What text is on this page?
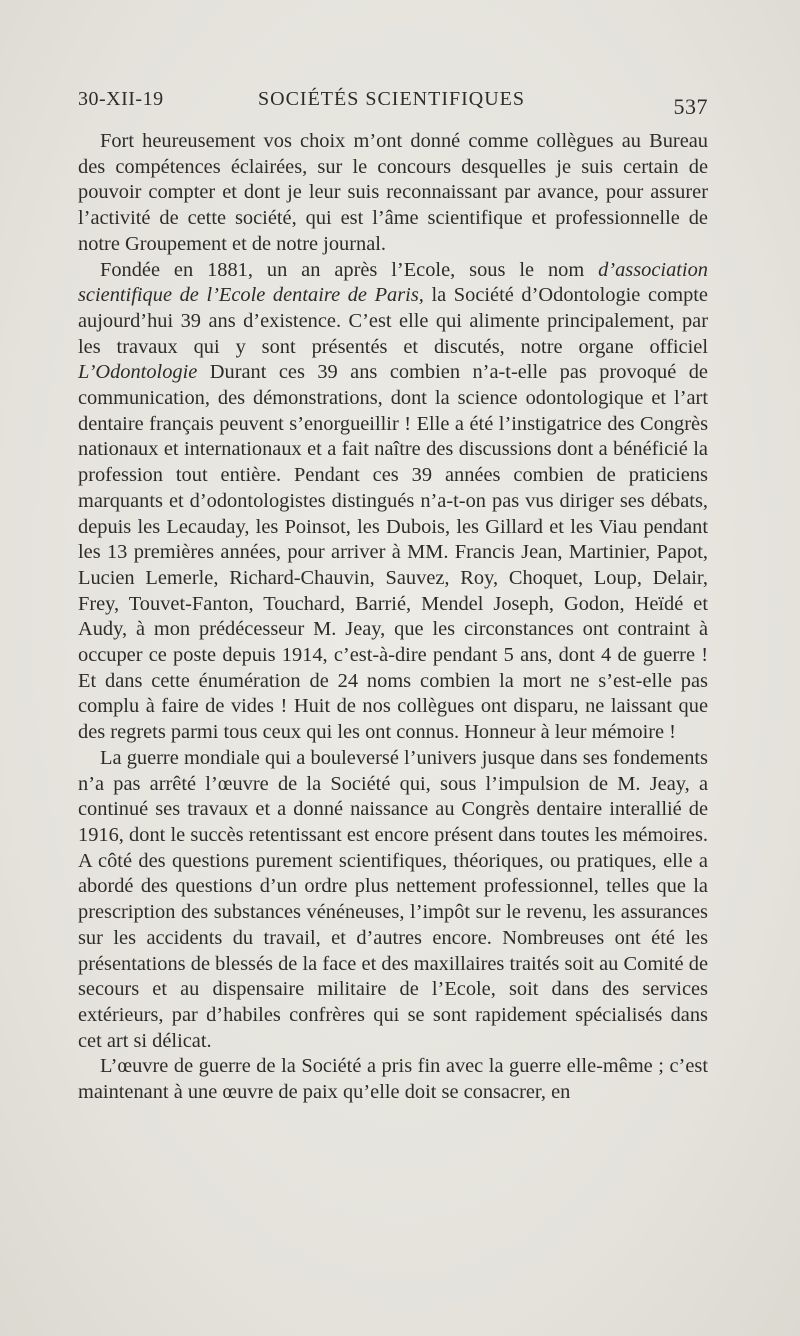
30-XII-19	SOCIÉTÉS SCIENTIFIQUES	537

Fort heureusement vos choix m’ont donné comme collègues au Bureau des compétences éclairées, sur le concours desquelles je suis certain de pouvoir compter et dont je leur suis reconnaissant par avance, pour assurer l’activité de cette société, qui est l’âme scientifique et professionnelle de notre Groupement et de notre journal.

Fondée en 1881, un an après l’Ecole, sous le nom d’association scientifique de l’Ecole dentaire de Paris, la Société d’Odontologie compte aujourd’hui 39 ans d’existence. C’est elle qui alimente principalement, par les travaux qui y sont présentés et discutés, notre organe officiel L’Odontologie Durant ces 39 ans combien n’a-t-elle pas provoqué de communication, des démonstrations, dont la science odontologique et l’art dentaire français peuvent s’enorgueillir ! Elle a été l’instigatrice des Congrès nationaux et internationaux et a fait naître des discussions dont a bénéficié la profession tout entière. Pendant ces 39 années combien de praticiens marquants et d’odontologistes distingués n’a-t-on pas vus diriger ses débats, depuis les Lecauday, les Poinsot, les Dubois, les Gillard et les Viau pendant les 13 premières années, pour arriver à MM. Francis Jean, Martinier, Papot, Lucien Lemerle, Richard-Chauvin, Sauvez, Roy, Choquet, Loup, Delair, Frey, Touvet-Fanton, Touchard, Barrié, Mendel Joseph, Godon, Heïdé et Audy, à mon prédécesseur M. Jeay, que les circonstances ont contraint à occuper ce poste depuis 1914, c’est-à-dire pendant 5 ans, dont 4 de guerre ! Et dans cette énumération de 24 noms combien la mort ne s’est-elle pas complu à faire de vides ! Huit de nos collègues ont disparu, ne laissant que des regrets parmi tous ceux qui les ont connus. Honneur à leur mémoire !

La guerre mondiale qui a bouleversé l’univers jusque dans ses fondements n’a pas arrêté l’œuvre de la Société qui, sous l’impulsion de M. Jeay, a continué ses travaux et a donné naissance au Congrès dentaire interallié de 1916, dont le succès retentissant est encore présent dans toutes les mémoires. A côté des questions purement scientifiques, théoriques, ou pratiques, elle a abordé des questions d’un ordre plus nettement professionnel, telles que la prescription des substances vénéneuses, l’impôt sur le revenu, les assurances sur les accidents du travail, et d’autres encore. Nombreuses ont été les présentations de blessés de la face et des maxillaires traités soit au Comité de secours et au dispensaire militaire de l’Ecole, soit dans des services extérieurs, par d’habiles confrères qui se sont rapidement spécialisés dans cet art si délicat.

L’œuvre de guerre de la Société a pris fin avec la guerre elle-même ; c’est maintenant à une œuvre de paix qu’elle doit se consacrer, en
